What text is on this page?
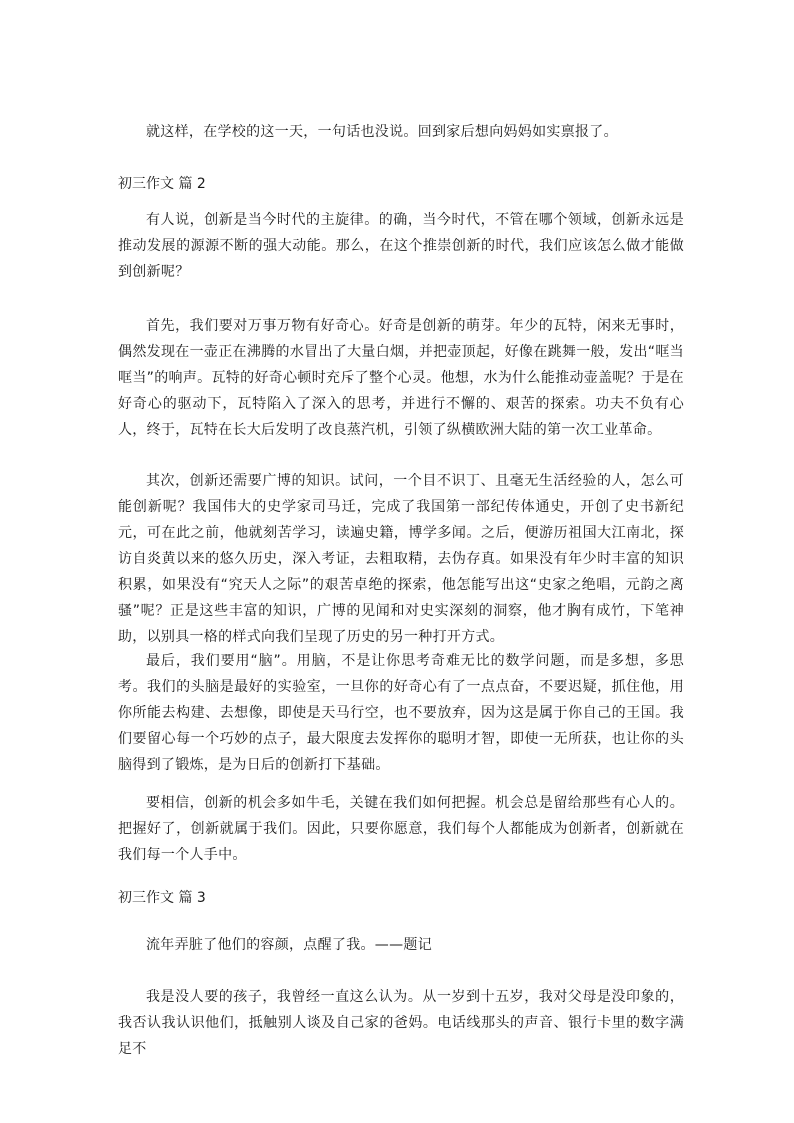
就这样，在学校的这一天，一句话也没说。回到家后想向妈妈如实禀报了。

初三作文 篇 2

有人说，创新是当今时代的主旋律。的确，当今时代，不管在哪个领域，创新永远是推动发展的源源不断的强大动能。那么，在这个推崇创新的时代，我们应该怎么做才能做到创新呢？

首先，我们要对万事万物有好奇心。好奇是创新的萌芽。年少的瓦特，闲来无事时，偶然发现在一壶正在沸腾的水冒出了大量白烟，并把壶顶起，好像在跳舞一般，发出“哐当哐当”的响声。瓦特的好奇心顿时充斥了整个心灵。他想，水为什么能推动壶盖呢？于是在好奇心的驱动下，瓦特陷入了深入的思考，并进行不懈的、艰苦的探索。功夫不负有心人，终于，瓦特在长大后发明了改良蒸汽机，引领了纵横欧洲大陆的第一次工业革命。

其次，创新还需要广博的知识。试问，一个目不识丁、且毫无生活经验的人，怎么可能创新呢？我国伟大的史学家司马迁，完成了我国第一部纪传体通史，开创了史书新纪元，可在此之前，他就刻苦学习，读遍史籍，博学多闻。之后，便游历祖国大江南北，探访自炎黄以来的悠久历史，深入考证，去粗取精，去伪存真。如果没有年少时丰富的知识积累，如果没有“究天人之际”的艰苦卓绝的探索，他怎能写出这“史家之绝唱，元韵之离骚”呢？正是这些丰富的知识，广博的见闻和对史实深刻的洞察，他才胸有成竹，下笔神助，以别具一格的样式向我们呈现了历史的另一种打开方式。

最后，我们要用“脑”。用脑，不是让你思考奇难无比的数学问题，而是多想，多思考。我们的头脑是最好的实验室，一旦你的好奇心有了一点点奋，不要迟疑，抓住他，用你所能去构建、去想像，即使是天马行空，也不要放弃，因为这是属于你自己的王国。我们要留心每一个巧妙的点子，最大限度去发挥你的聪明才智，即使一无所获，也让你的头脑得到了锻炼，是为日后的创新打下基础。

要相信，创新的机会多如牛毛，关键在我们如何把握。机会总是留给那些有心人的。把握好了，创新就属于我们。因此，只要你愿意，我们每个人都能成为创新者，创新就在我们每一个人手中。

初三作文 篇 3

流年弄脏了他们的容颜，点醒了我。——题记

我是没人要的孩子，我曾经一直这么认为。从一岁到十五岁，我对父母是没印象的，我否认我认识他们，抵触别人谈及自己家的爸妈。电话线那头的声音、银行卡里的数字满足不
